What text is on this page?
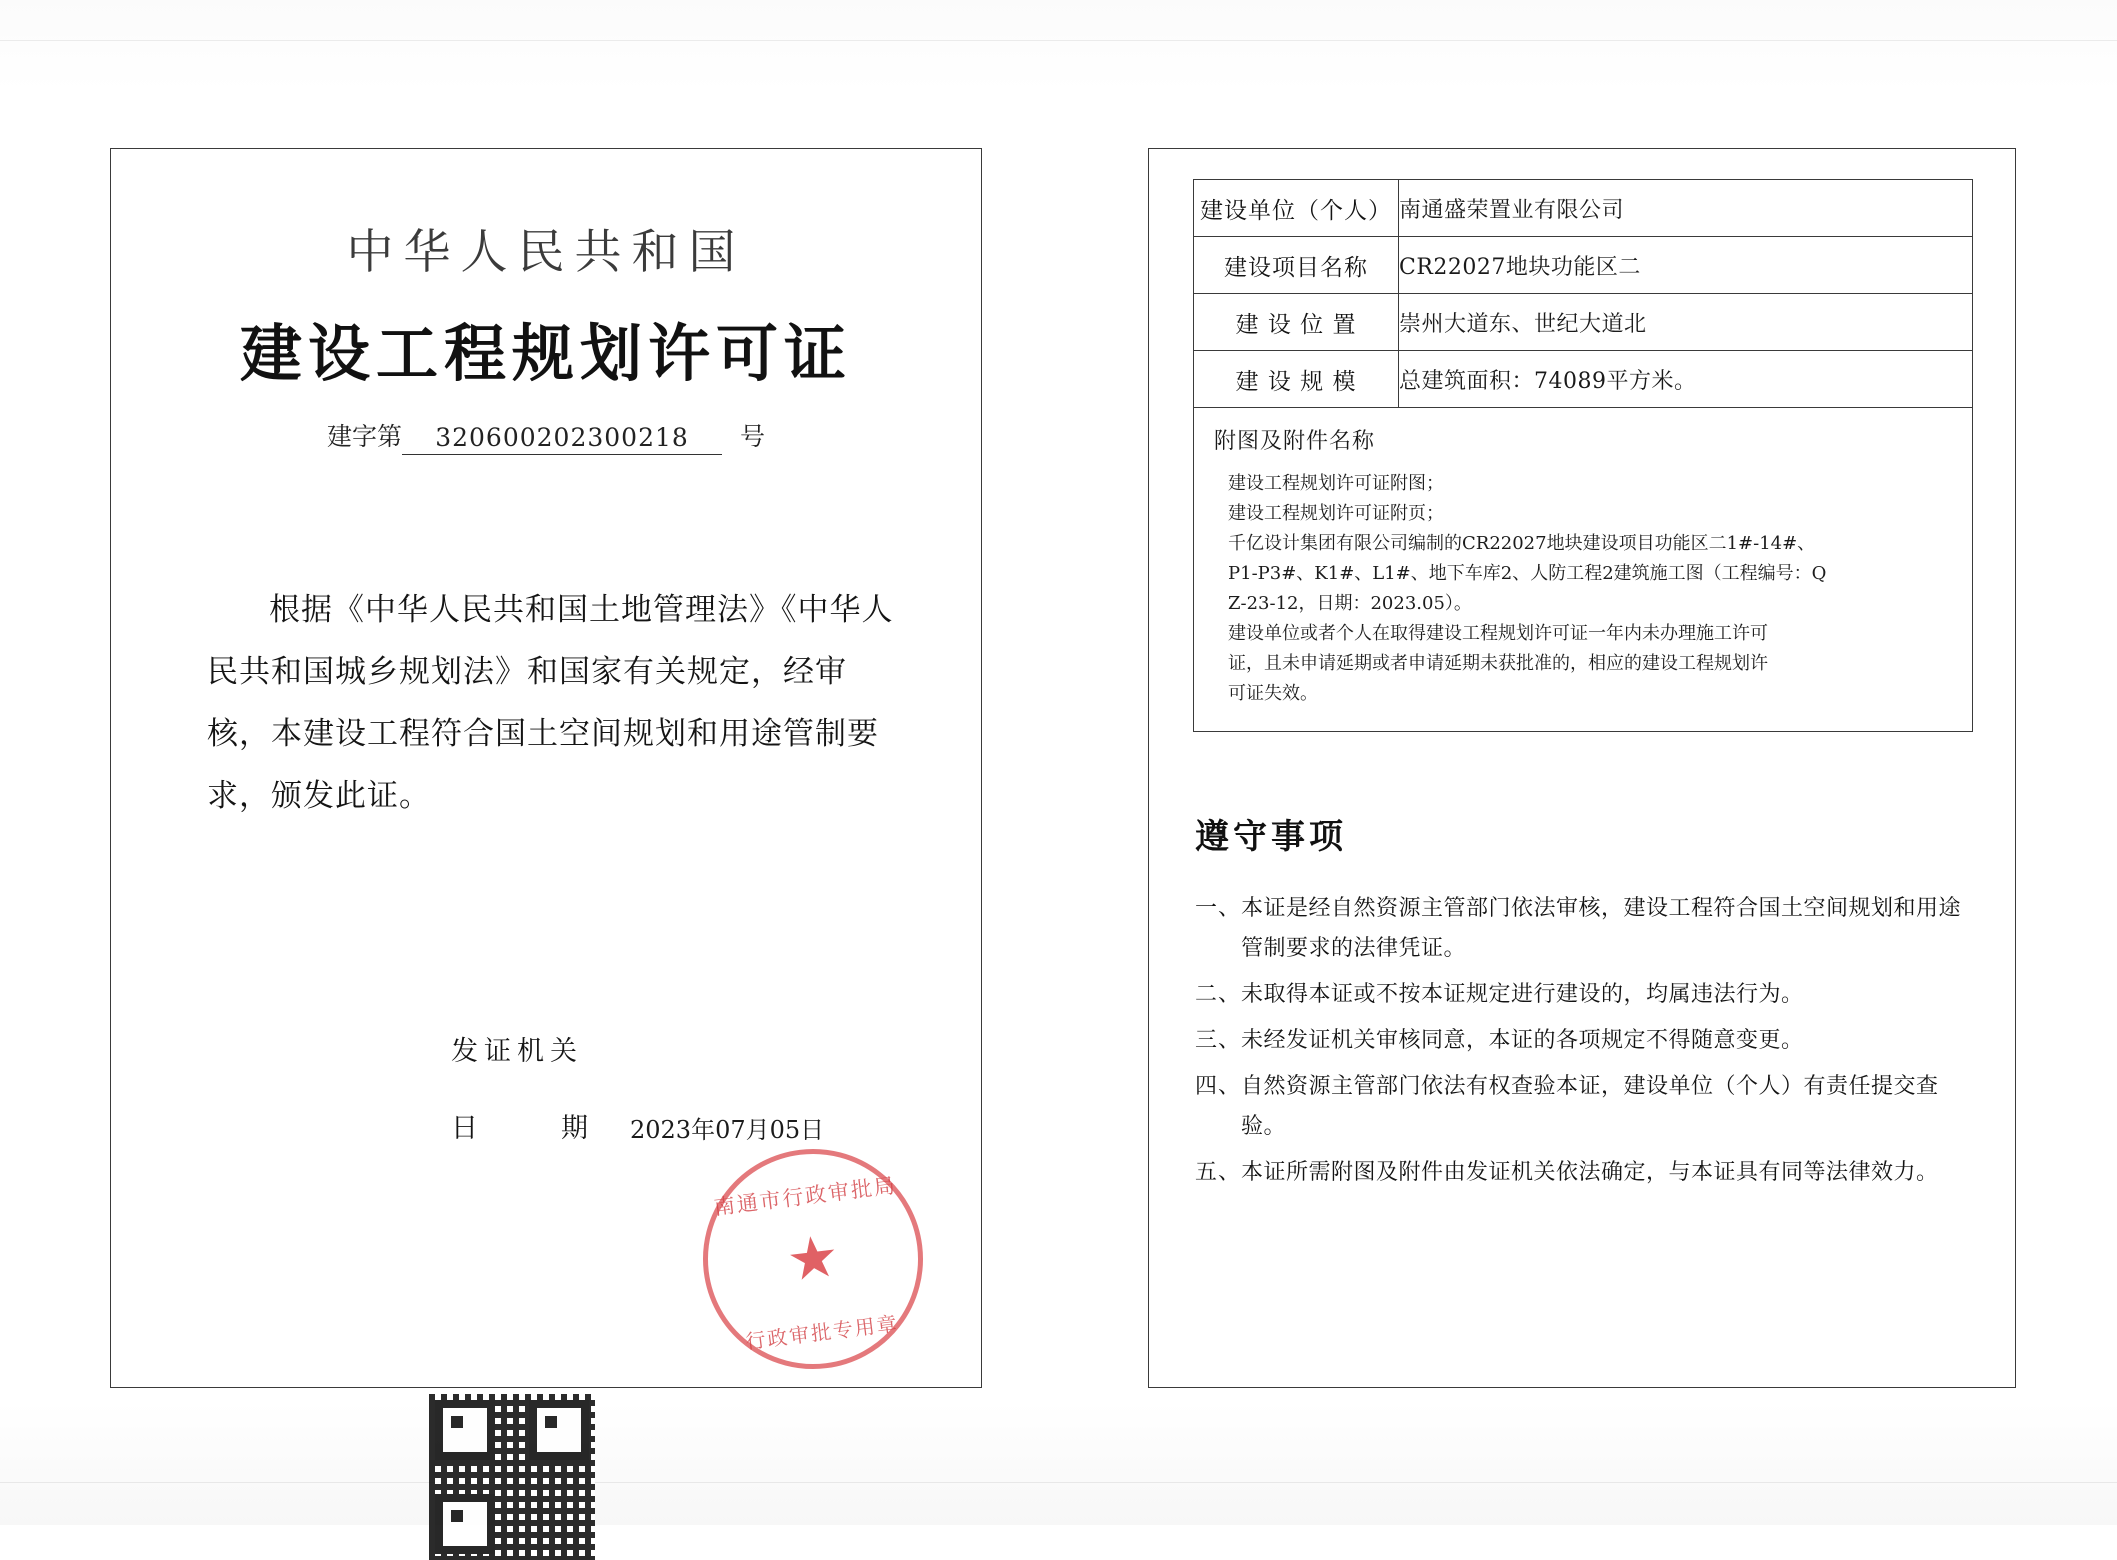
中华人民共和国
建设工程规划许可证
建字第	320600202300218	号
根据《中华人民共和国土地管理法》《中华人民共和国城乡规划法》和国家有关规定，经审核，本建设工程符合国土空间规划和用途管制要求，颁发此证。
发证机关
日　期 2023年07月05日
南通市行政审批局
★
行政审批专用章
建设单位（个人）	南通盛荣置业有限公司
建设项目名称	CR22027地块功能区二
建 设 位 置	崇州大道东、世纪大道北
建 设 规 模	总建筑面积：74089平方米。

附图及附件名称
建设工程规划许可证附图；
建设工程规划许可证附页；
千亿设计集团有限公司编制的CR22027地块建设项目功能区二1#-14#、
P1-P3#、K1#、L1#、地下车库2、人防工程2建筑施工图（工程编号：Q
Z-23-12，日期：2023.05）。
建设单位或者个人在取得建设工程规划许可证一年内未办理施工许可
证，且未申请延期或者申请延期未获批准的，相应的建设工程规划许
可证失效。
遵守事项
一、 本证是经自然资源主管部门依法审核，建设工程符合国土空间规划和用途管制要求的法律凭证。
二、 未取得本证或不按本证规定进行建设的，均属违法行为。
三、 未经发证机关审核同意，本证的各项规定不得随意变更。
四、 自然资源主管部门依法有权查验本证，建设单位（个人）有责任提交查验。
五、 本证所需附图及附件由发证机关依法确定，与本证具有同等法律效力。
